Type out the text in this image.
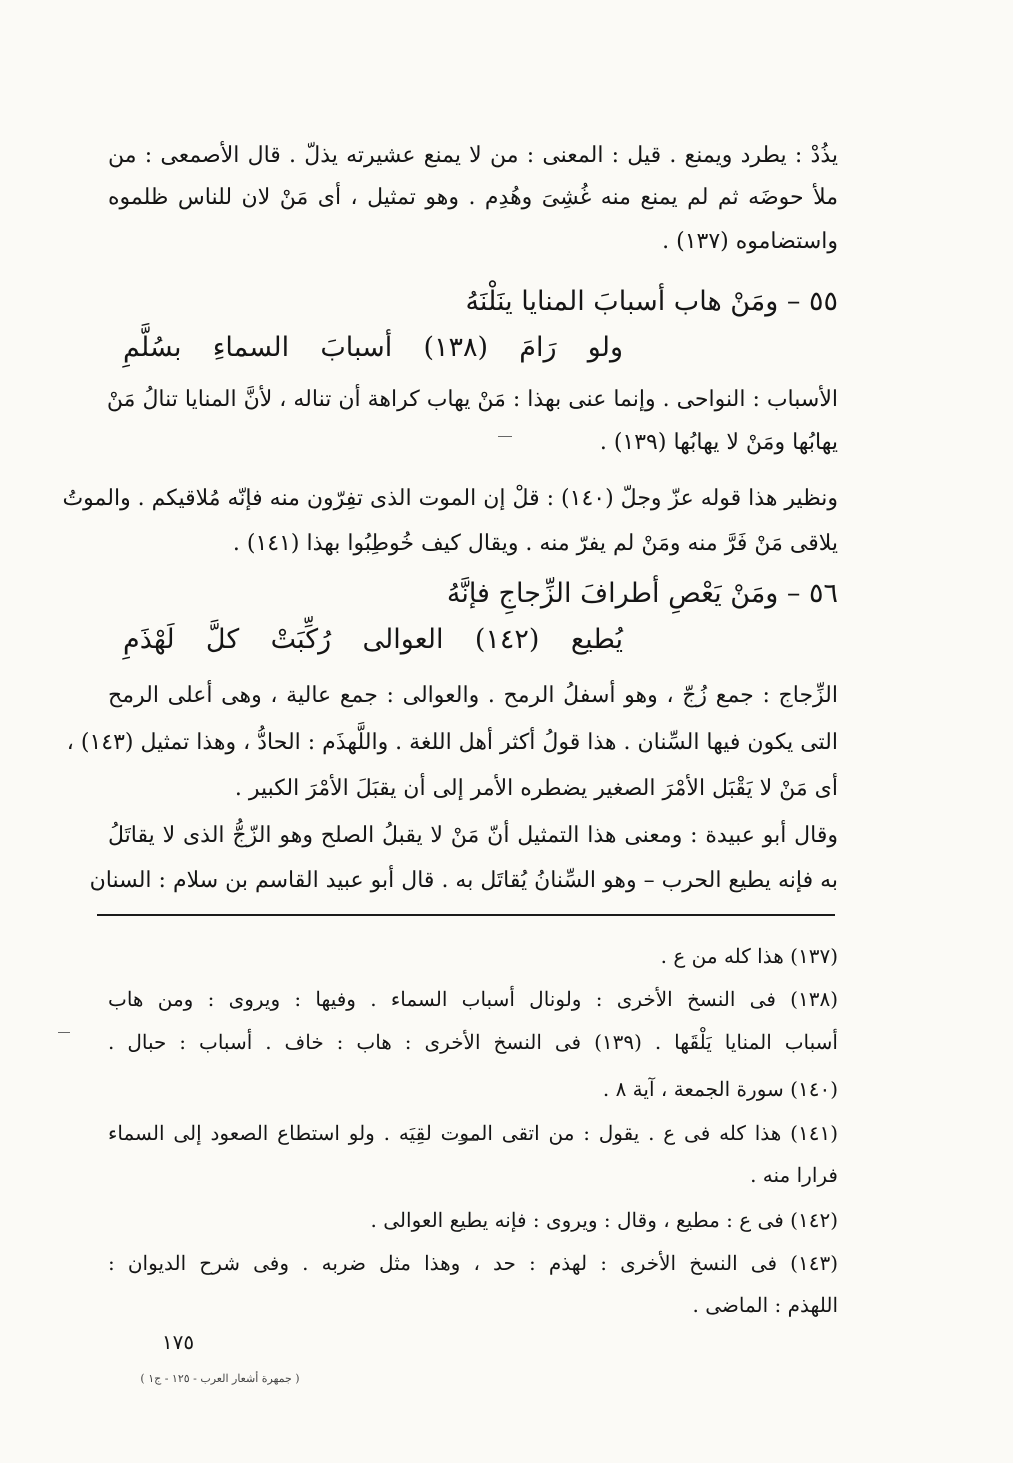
يذُدْ : يطرد ويمنع . قيل : المعنى : من لا يمنع عشيرته يذلّ . قال الأصمعى : من
ملأ حوضَه ثم لم يمنع منه غُشِىَ وهُدِم . وهو تمثيل ، أى مَنْ لان للناس ظلموه
واستضاموه (١٣٧) .
٥٥ – ومَنْ هاب أسبابَ المنايا ينَلْنَهُ
ولو رَامَ (١٣٨) أسبابَ السماءِ بسُلَّمِ
الأسباب : النواحى . وإنما عنى بهذا : مَنْ يهاب كراهة أن تناله ، لأنَّ المنايا تنالُ مَنْ
يهابُها ومَنْ لا يهابُها (١٣٩) .
ونظير هذا قوله عزّ وجلّ (١٤٠) : قلْ إن الموت الذى تفِرّون منه فإنّه مُلاقيكم . والموتُ
يلاقى مَنْ فَرَّ منه ومَنْ لم يفرّ منه . ويقال كيف خُوطِبُوا بهذا (١٤١) .
٥٦ – ومَنْ يَعْصِ أطرافَ الزِّجاجِ فإنَّهُ
يُطيع (١٤٢) العوالى رُكِّبَتْ كلَّ لَهْذَمِ
الزِّجاج : جمع زُجّ ، وهو أسفلُ الرمح . والعوالى : جمع عالية ، وهى أعلى الرمح
التى يكون فيها السِّنان . هذا قولُ أكثر أهل اللغة . واللَّهذَم : الحادُّ ، وهذا تمثيل (١٤٣) ،
أى مَنْ لا يَقْبَل الأمْرَ الصغير يضطره الأمر إلى أن يقبَلَ الأمْرَ الكبير .
وقال أبو عبيدة : ومعنى هذا التمثيل أنّ مَنْ لا يقبلُ الصلح وهو الزّجُّ الذى لا يقاتَلُ
به فإنه يطيع الحرب – وهو السِّنانُ يُقاتَل به . قال أبو عبيد القاسم بن سلام : السنان
(١٣٧) هذا كله من ع .
(١٣٨) فى النسخ الأخرى : ولونال أسباب السماء . وفيها : ويروى : ومن هاب
أسباب المنايا يَلْقَها . (١٣٩) فى النسخ الأخرى : هاب : خاف . أسباب : حبال .
(١٤٠) سورة الجمعة ، آية ٨ .
(١٤١) هذا كله فى ع . يقول : من اتقى الموت لقِيَه . ولو استطاع الصعود إلى السماء
فرارا منه .
(١٤٢) فى ع : مطيع ، وقال : ويروى : فإنه يطيع العوالى .
(١٤٣) فى النسخ الأخرى : لهذم : حد ، وهذا مثل ضربه . وفى شرح الديوان :
اللهذم : الماضى .
١٧٥
( جمهرة أشعار العرب - ١٢٥ - ج١ )
